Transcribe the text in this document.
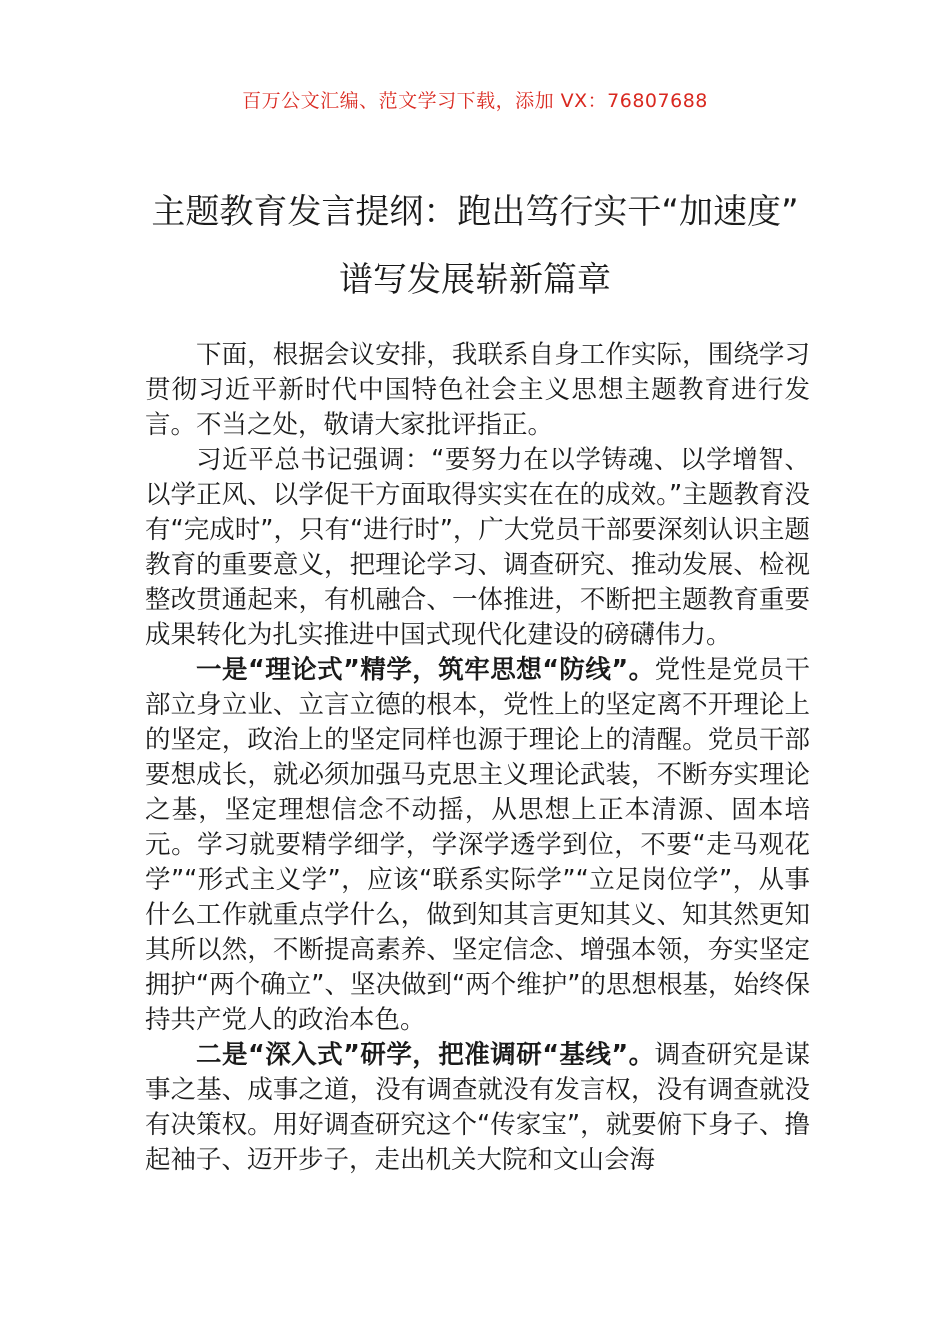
百万公文汇编、范文学习下载，添加 VX：76807688
主题教育发言提纲：跑出笃行实干“加速度” 谱写发展崭新篇章

下面，根据会议安排，我联系自身工作实际，围绕学习贯彻习近平新时代中国特色社会主义思想主题教育进行发言。不当之处，敬请大家批评指正。

习近平总书记强调：“要努力在以学铸魂、以学增智、以学正风、以学促干方面取得实实在在的成效。”主题教育没有“完成时”，只有“进行时”，广大党员干部要深刻认识主题教育的重要意义，把理论学习、调查研究、推动发展、检视整改贯通起来，有机融合、一体推进，不断把主题教育重要成果转化为扎实推进中国式现代化建设的磅礴伟力。

一是“理论式”精学，筑牢思想“防线”。党性是党员干部立身立业、立言立德的根本，党性上的坚定离不开理论上的坚定，政治上的坚定同样也源于理论上的清醒。党员干部要想成长，就必须加强马克思主义理论武装，不断夯实理论之基，坚定理想信念不动摇，从思想上正本清源、固本培元。学习就要精学细学，学深学透学到位，不要“走马观花学”“形式主义学”，应该“联系实际学”“立足岗位学”，从事什么工作就重点学什么，做到知其言更知其义、知其然更知其所以然，不断提高素养、坚定信念、增强本领，夯实坚定拥护“两个确立”、坚决做到“两个维护”的思想根基，始终保持共产党人的政治本色。

二是“深入式”研学，把准调研“基线”。调查研究是谋事之基、成事之道，没有调查就没有发言权，没有调查就没有决策权。用好调查研究这个“传家宝”，就要俯下身子、撸起袖子、迈开步子，走出机关大院和文山会海
